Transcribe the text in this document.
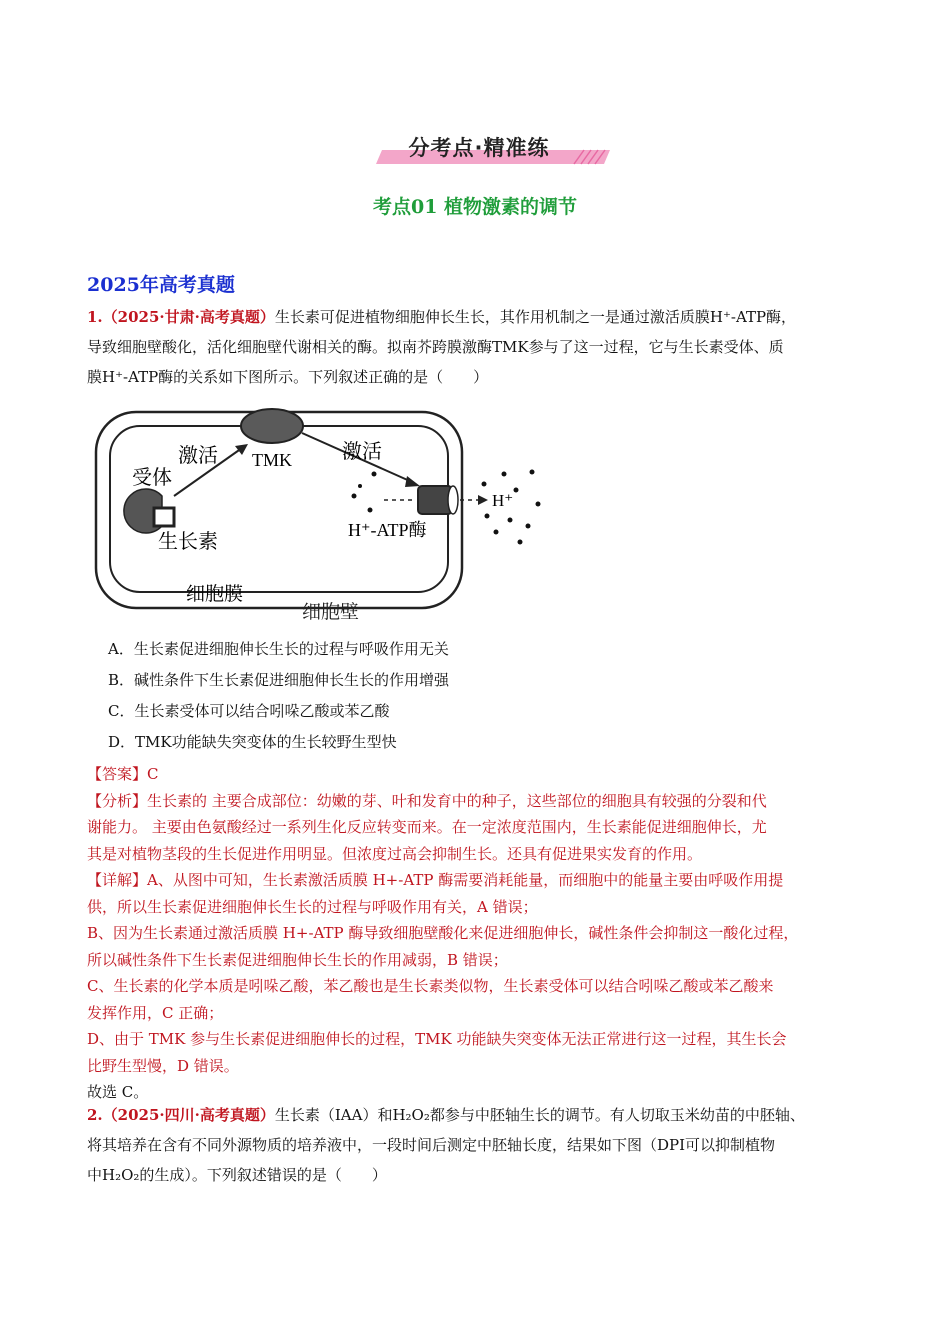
分考点·精准练
考点01 植物激素的调节
2025年高考真题
1.（2025·甘肃·高考真题）生长素可促进植物细胞伸长生长，其作用机制之一是通过激活质膜H⁺-ATP酶，
导致细胞壁酸化，活化细胞壁代谢相关的酶。拟南芥跨膜激酶TMK参与了这一过程，它与生长素受体、质
膜H⁺-ATP酶的关系如下图所示。下列叙述正确的是（　　）
受体
激活 TMK	激活
H⁺
H⁺-ATP酶
生长素
细胞膜
细胞壁
A．生长素促进细胞伸长生长的过程与呼吸作用无关
B．碱性条件下生长素促进细胞伸长生长的作用增强
C．生长素受体可以结合吲哚乙酸或苯乙酸
D．TMK功能缺失突变体的生长较野生型快
【答案】C
【分析】生长素的 主要合成部位：幼嫩的芽、叶和发育中的种子，这些部位的细胞具有较强的分裂和代
谢能力。 主要由色氨酸经过一系列生化反应转变而来。在一定浓度范围内，生长素能促进细胞伸长，尤
其是对植物茎段的生长促进作用明显。但浓度过高会抑制生长。还具有促进果实发育的作用。
【详解】A、从图中可知，生长素激活质膜 H+-ATP 酶需要消耗能量，而细胞中的能量主要由呼吸作用提
供，所以生长素促进细胞伸长生长的过程与呼吸作用有关，A 错误；
B、因为生长素通过激活质膜 H+-ATP 酶导致细胞壁酸化来促进细胞伸长，碱性条件会抑制这一酸化过程，
所以碱性条件下生长素促进细胞伸长生长的作用减弱，B 错误；
C、生长素的化学本质是吲哚乙酸，苯乙酸也是生长素类似物，生长素受体可以结合吲哚乙酸或苯乙酸来
发挥作用，C 正确；
D、由于 TMK 参与生长素促进细胞伸长的过程，TMK 功能缺失突变体无法正常进行这一过程，其生长会
比野生型慢，D 错误。
故选 C。
2.（2025·四川·高考真题）生长素（IAA）和H₂O₂都参与中胚轴生长的调节。有人切取玉米幼苗的中胚轴、
将其培养在含有不同外源物质的培养液中，一段时间后测定中胚轴长度，结果如下图（DPI可以抑制植物
中H₂O₂的生成）。下列叙述错误的是（　　）
